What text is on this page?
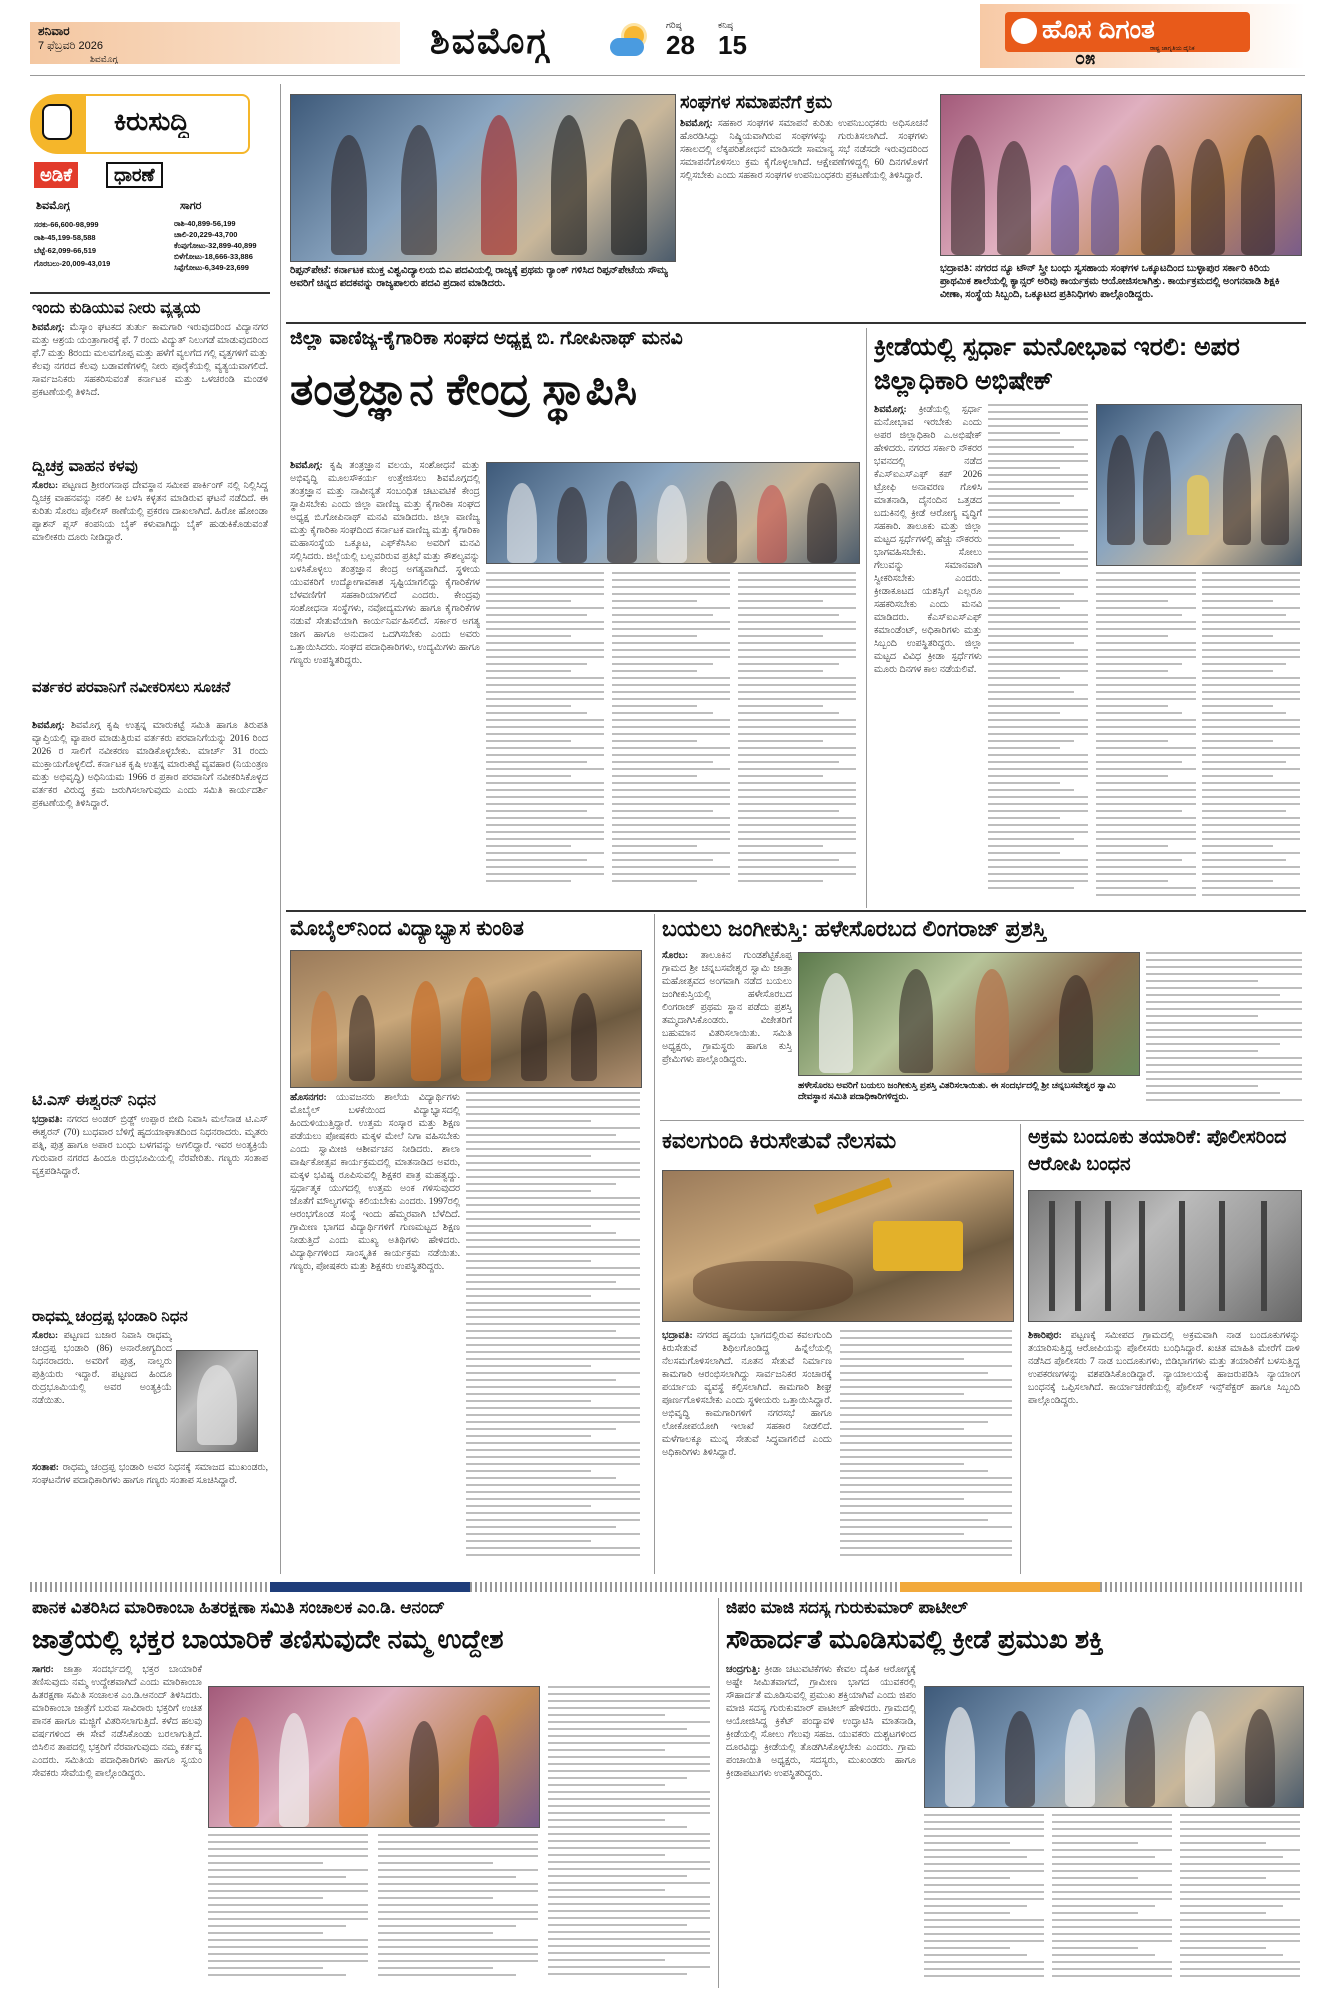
ಶನಿವಾರ
7 ಫೆಬ್ರವರಿ 2026
ಶಿವಮೊಗ್ಗ	ಶಿವಮೊಗ್ಗ	ಗರಿಷ್ಠ
28
ಕನಿಷ್ಠ
15
ಹೊಸ ದಿಗಂತ
ರಾಷ್ಟ್ರ ಜಾಗೃತಿಯ ದೈನಿಕ
೦೫
ಕಿರುಸುದ್ದಿ
ಅಡಿಕೆ	ಧಾರಣೆ
ಶಿವಮೊಗ್ಗ	ಸಾಗರ
ಸರಕು-66,600-98,999
ರಾಶಿ-45,199-58,588
ಬೆಟ್ಟೆ-62,099-66,519
ಗೊರಬಲು-20,009-43,019
ರಾಶಿ-40,899-56,199
ಚಾಲಿ-20,229-43,700
ಕೆಂಪುಗೋಟು-32,899-40,899
ಬಿಳೆಗೋಟು-18,666-33,886
ಸಿಪ್ಪೆಗೋಟು-6,349-23,699
ಇಂದು ಕುಡಿಯುವ ನೀರು ವ್ಯತ್ಯಯ
ಶಿವಮೊಗ್ಗ: ಮೆಸ್ಕಾಂ ಘಟಕದ ತುರ್ತು ಕಾಮಗಾರಿ ಇರುವುದರಿಂದ ವಿದ್ಯಾನಗರ ಮತ್ತು ಆಶ್ರಯ ಯಂತ್ರಾಗಾರಕ್ಕೆ ಫೆ. 7 ರಂದು ವಿದ್ಯುತ್ ನಿಲುಗಡೆ ಮಾಡುವುದರಿಂದ ಫೆ.7 ಮತ್ತು 8ರಂದು ಮಲವಗೊಪ್ಪ ಮತ್ತು ಹಳೆಗೆ ವ್ಯಲಗೆದ ಗಲ್ಲಿ ವೃತ್ತಗಳಿಗೆ ಮತ್ತು ಕೆಲವು ನಗರದ ಕೆಲವು ಬಡಾವಣೆಗಳಲ್ಲಿ ನೀರು ಪೂರೈಕೆಯಲ್ಲಿ ವ್ಯತ್ಯಯವಾಗಲಿದೆ. ಸಾರ್ವಜನಿಕರು ಸಹಕರಿಸುವಂತೆ ಕರ್ನಾಟಕ ಮತ್ತು ಒಳಚರಂಡಿ ಮಂಡಳಿ ಪ್ರಕಟಣೆಯಲ್ಲಿ ತಿಳಿಸಿದೆ.
ದ್ವಿಚಕ್ರ ವಾಹನ ಕಳವು
ಸೊರಬ: ಪಟ್ಟಣದ ಶ್ರೀರಂಗನಾಥ ದೇವಸ್ಥಾನ ಸಮೀಪ ಪಾರ್ಕಿಂಗ್ ನಲ್ಲಿ ನಿಲ್ಲಿಸಿದ್ದ ದ್ವಿಚಕ್ರ ವಾಹನವನ್ನು ನಕಲಿ ಕೀ ಬಳಸಿ ಕಳ್ಳತನ ಮಾಡಿರುವ ಘಟನೆ ನಡೆದಿದೆ. ಈ ಕುರಿತು ಸೊರಬ ಪೊಲೀಸ್ ಠಾಣೆಯಲ್ಲಿ ಪ್ರಕರಣ ದಾಖಲಾಗಿದೆ. ಹಿರೋ ಹೋಂಡಾ ಪ್ಯಾಶನ್ ಪ್ಲಸ್ ಕಂಪನಿಯ ಬೈಕ್ ಕಳುವಾಗಿದ್ದು ಬೈಕ್ ಹುಡುಕಿಕೊಡುವಂತೆ ಮಾಲೀಕರು ದೂರು ನೀಡಿದ್ದಾರೆ.
ವರ್ತಕರ ಪರವಾನಿಗೆ ನವೀಕರಿಸಲು ಸೂಚನೆ
ಶಿವಮೊಗ್ಗ: ಶಿವಮೊಗ್ಗ ಕೃಷಿ ಉತ್ಪನ್ನ ಮಾರುಕಟ್ಟೆ ಸಮಿತಿ ಹಾಗೂ ತಿರುಪತಿ ವ್ಯಾಪ್ತಿಯಲ್ಲಿ ವ್ಯಾಪಾರ ಮಾಡುತ್ತಿರುವ ವರ್ತಕರು ಪರವಾನಿಗೆಯನ್ನು 2016 ರಿಂದ 2026 ರ ಸಾಲಿಗೆ ನವೀಕರಣ ಮಾಡಿಕೊಳ್ಳಬೇಕು. ಮಾರ್ಚ್ 31 ರಂದು ಮುಕ್ತಾಯಗೊಳ್ಳಲಿದೆ. ಕರ್ನಾಟಕ ಕೃಷಿ ಉತ್ಪನ್ನ ಮಾರುಕಟ್ಟೆ ವ್ಯವಹಾರ (ನಿಯಂತ್ರಣ ಮತ್ತು ಅಭಿವೃದ್ಧಿ) ಅಧಿನಿಯಮ 1966 ರ ಪ್ರಕಾರ ಪರವಾನಿಗೆ ನವೀಕರಿಸಿಕೊಳ್ಳದ ವರ್ತಕರ ವಿರುದ್ಧ ಕ್ರಮ ಜರುಗಿಸಲಾಗುವುದು ಎಂದು ಸಮಿತಿ ಕಾರ್ಯದರ್ಶಿ ಪ್ರಕಟಣೆಯಲ್ಲಿ ತಿಳಿಸಿದ್ದಾರೆ.
ಟಿ.ಎಸ್ ಈಶ್ವರನ್ ನಿಧನ
ಭದ್ರಾವತಿ: ನಗರದ ಅಂಡರ್ ಬ್ರಿಡ್ಜ್ ಉಪ್ಪಾರ ಬೀದಿ ನಿವಾಸಿ ಮಲೆನಾಡ ಟಿ.ಎಸ್ ಈಶ್ವರನ್ (70) ಬುಧವಾರ ಬೆಳಿಗ್ಗೆ ಹೃದಯಾಘಾತದಿಂದ ನಿಧನರಾದರು. ಮೃತರು ಪತ್ನಿ, ಪುತ್ರ ಹಾಗೂ ಅಪಾರ ಬಂಧು ಬಳಗವನ್ನು ಅಗಲಿದ್ದಾರೆ. ಇವರ ಅಂತ್ಯಕ್ರಿಯೆ ಗುರುವಾರ ನಗರದ ಹಿಂದೂ ರುದ್ರಭೂಮಿಯಲ್ಲಿ ನೆರವೇರಿತು. ಗಣ್ಯರು ಸಂತಾಪ ವ್ಯಕ್ತಪಡಿಸಿದ್ದಾರೆ.
ರಾಧಮ್ಮ ಚಂದ್ರಪ್ಪ ಭಂಡಾರಿ ನಿಧನ
ಸೊರಬ: ಪಟ್ಟಣದ ಬಜಾರ ನಿವಾಸಿ ರಾಧಮ್ಮ ಚಂದ್ರಪ್ಪ ಭಂಡಾರಿ (86) ಅನಾರೋಗ್ಯದಿಂದ ನಿಧನರಾದರು. ಅವರಿಗೆ ಪುತ್ರ, ನಾಲ್ವರು ಪುತ್ರಿಯರು ಇದ್ದಾರೆ. ಪಟ್ಟಣದ ಹಿಂದೂ ರುದ್ರಭೂಮಿಯಲ್ಲಿ ಅವರ ಅಂತ್ಯಕ್ರಿಯೆ ನಡೆಯಿತು.
ಸಂತಾಪ: ರಾಧಮ್ಮ ಚಂದ್ರಪ್ಪ ಭಂಡಾರಿ ಅವರ ನಿಧನಕ್ಕೆ ಸಮಾಜದ ಮುಖಂಡರು, ಸಂಘಟನೆಗಳ ಪದಾಧಿಕಾರಿಗಳು ಹಾಗೂ ಗಣ್ಯರು ಸಂತಾಪ ಸೂಚಿಸಿದ್ದಾರೆ.
ರಿಪ್ಪನ್‌ಪೇಟೆ: ಕರ್ನಾಟಕ ಮುಕ್ತ ವಿಶ್ವವಿದ್ಯಾಲಯ ಬಿಎ ಪದವಿಯಲ್ಲಿ ರಾಜ್ಯಕ್ಕೆ ಪ್ರಥಮ ರ್‍ಯಾಂಕ್ ಗಳಿಸಿದ ರಿಪ್ಪನ್‌ಪೇಟೆಯ ಸೌಮ್ಯ ಅವರಿಗೆ ಚಿನ್ನದ ಪದಕವನ್ನು ರಾಜ್ಯಪಾಲರು ಪದವಿ ಪ್ರದಾನ ಮಾಡಿದರು.
ಸಂಘಗಳ ಸಮಾಪನೆಗೆ ಕ್ರಮ
ಶಿವಮೊಗ್ಗ: ಸಹಕಾರ ಸಂಘಗಳ ಸಮಾಪನೆ ಕುರಿತು ಉಪನಿಬಂಧಕರು ಅಧಿಸೂಚನೆ ಹೊರಡಿಸಿದ್ದು ನಿಷ್ಕ್ರಿಯವಾಗಿರುವ ಸಂಘಗಳನ್ನು ಗುರುತಿಸಲಾಗಿದೆ. ಸಂಘಗಳು ಸಕಾಲದಲ್ಲಿ ಲೆಕ್ಕಪರಿಶೋಧನೆ ಮಾಡಿಸದೇ ಸಾಮಾನ್ಯ ಸಭೆ ನಡೆಸದೇ ಇರುವುದರಿಂದ ಸಮಾಪನೆಗೊಳಿಸಲು ಕ್ರಮ ಕೈಗೊಳ್ಳಲಾಗಿದೆ. ಆಕ್ಷೇಪಣೆಗಳಿದ್ದಲ್ಲಿ 60 ದಿನಗಳೊಳಗೆ ಸಲ್ಲಿಸಬೇಕು ಎಂದು ಸಹಕಾರ ಸಂಘಗಳ ಉಪನಿಬಂಧಕರು ಪ್ರಕಟಣೆಯಲ್ಲಿ ತಿಳಿಸಿದ್ದಾರೆ.
ಭದ್ರಾವತಿ: ನಗರದ ನ್ಯೂ ಟೌನ್ ಸ್ತ್ರೀ ಬಂಧು ಸ್ವಸಹಾಯ ಸಂಘಗಳ ಒಕ್ಕೂಟದಿಂದ ಬುಳ್ಳಾಪುರ ಸರ್ಕಾರಿ ಕಿರಿಯ ಪ್ರಾಥಮಿಕ ಶಾಲೆಯಲ್ಲಿ ಕ್ಯಾನ್ಸರ್ ಅರಿವು ಕಾರ್ಯಕ್ರಮ ಆಯೋಜಿಸಲಾಗಿತ್ತು. ಕಾರ್ಯಕ್ರಮದಲ್ಲಿ ಅಂಗನವಾಡಿ ಶಿಕ್ಷಕಿ ವೀಣಾ, ಸಂಸ್ಥೆಯ ಸಿಬ್ಬಂದಿ, ಒಕ್ಕೂಟದ ಪ್ರತಿನಿಧಿಗಳು ಪಾಲ್ಗೊಂಡಿದ್ದರು.
ಜಿಲ್ಲಾ ವಾಣಿಜ್ಯ-ಕೈಗಾರಿಕಾ ಸಂಘದ ಅಧ್ಯಕ್ಷ ಬಿ. ಗೋಪಿನಾಥ್ ಮನವಿ
ತಂತ್ರಜ್ಞಾನ ಕೇಂದ್ರ ಸ್ಥಾಪಿಸಿ
ಶಿವಮೊಗ್ಗ: ಕೃಷಿ ತಂತ್ರಜ್ಞಾನ ವಲಯ, ಸಂಶೋಧನೆ ಮತ್ತು ಅಭಿವೃದ್ಧಿ ಮೂಲಸೌಕರ್ಯ ಉತ್ತೇಜಿಸಲು ಶಿವಮೊಗ್ಗದಲ್ಲಿ ತಂತ್ರಜ್ಞಾನ ಮತ್ತು ನಾವೀನ್ಯತೆ ಸಂಬಂಧಿತ ಚಟುವಟಿಕೆ ಕೇಂದ್ರ ಸ್ಥಾಪಿಸಬೇಕು ಎಂದು ಜಿಲ್ಲಾ ವಾಣಿಜ್ಯ ಮತ್ತು ಕೈಗಾರಿಕಾ ಸಂಘದ ಅಧ್ಯಕ್ಷ ಬಿ.ಗೋಪಿನಾಥ್ ಮನವಿ ಮಾಡಿದರು. ಜಿಲ್ಲಾ ವಾಣಿಜ್ಯ ಮತ್ತು ಕೈಗಾರಿಕಾ ಸಂಘದಿಂದ ಕರ್ನಾಟಕ ವಾಣಿಜ್ಯ ಮತ್ತು ಕೈಗಾರಿಕಾ ಮಹಾಸಂಸ್ಥೆಯ ಒಕ್ಕೂಟ, ಎಫ್‌ಕೆಸಿಸಿಐ ಅವರಿಗೆ ಮನವಿ ಸಲ್ಲಿಸಿದರು. ಜಿಲ್ಲೆಯಲ್ಲಿ ಬಲ್ಲವರಿರುವ ಪ್ರತಿಭೆ ಮತ್ತು ಕೌಶಲ್ಯವನ್ನು ಬಳಸಿಕೊಳ್ಳಲು ತಂತ್ರಜ್ಞಾನ ಕೇಂದ್ರ ಅಗತ್ಯವಾಗಿದೆ. ಸ್ಥಳೀಯ ಯುವಕರಿಗೆ ಉದ್ಯೋಗಾವಕಾಶ ಸೃಷ್ಟಿಯಾಗಲಿದ್ದು ಕೈಗಾರಿಕೆಗಳ ಬೆಳವಣಿಗೆಗೆ ಸಹಕಾರಿಯಾಗಲಿದೆ ಎಂದರು. ಕೇಂದ್ರವು ಸಂಶೋಧನಾ ಸಂಸ್ಥೆಗಳು, ನವೋದ್ಯಮಗಳು ಹಾಗೂ ಕೈಗಾರಿಕೆಗಳ ನಡುವೆ ಸೇತುವೆಯಾಗಿ ಕಾರ್ಯನಿರ್ವಹಿಸಲಿದೆ. ಸರ್ಕಾರ ಅಗತ್ಯ ಜಾಗ ಹಾಗೂ ಅನುದಾನ ಒದಗಿಸಬೇಕು ಎಂದು ಅವರು ಒತ್ತಾಯಿಸಿದರು. ಸಂಘದ ಪದಾಧಿಕಾರಿಗಳು, ಉದ್ಯಮಿಗಳು ಹಾಗೂ ಗಣ್ಯರು ಉಪಸ್ಥಿತರಿದ್ದರು.
ಕ್ರೀಡೆಯಲ್ಲಿ ಸ್ಪರ್ಧಾ ಮನೋಭಾವ ಇರಲಿ: ಅಪರ ಜಿಲ್ಲಾಧಿಕಾರಿ ಅಭಿಷೇಕ್
ಶಿವಮೊಗ್ಗ: ಕ್ರೀಡೆಯಲ್ಲಿ ಸ್ಪರ್ಧಾ ಮನೋಭಾವ ಇರಬೇಕು ಎಂದು ಅಪರ ಜಿಲ್ಲಾಧಿಕಾರಿ ಎ.ಅಭಿಷೇಕ್ ಹೇಳಿದರು. ನಗರದ ಸರ್ಕಾರಿ ನೌಕರರ ಭವನದಲ್ಲಿ ನಡೆದ ಕೆಎಸ್‌ಐಎಸ್‌ಎಫ್ ಕಪ್ 2026 ಟ್ರೋಫಿ ಅನಾವರಣ ಗೊಳಿಸಿ ಮಾತನಾಡಿ, ದೈನಂದಿನ ಒತ್ತಡದ ಬದುಕಿನಲ್ಲಿ ಕ್ರೀಡೆ ಆರೋಗ್ಯ ವೃದ್ಧಿಗೆ ಸಹಕಾರಿ. ತಾಲೂಕು ಮತ್ತು ಜಿಲ್ಲಾ ಮಟ್ಟದ ಸ್ಪರ್ಧೆಗಳಲ್ಲಿ ಹೆಚ್ಚು ನೌಕರರು ಭಾಗವಹಿಸಬೇಕು. ಸೋಲು ಗೆಲುವನ್ನು ಸಮಾನವಾಗಿ ಸ್ವೀಕರಿಸಬೇಕು ಎಂದರು. ಕ್ರೀಡಾಕೂಟದ ಯಶಸ್ಸಿಗೆ ಎಲ್ಲರೂ ಸಹಕರಿಸಬೇಕು ಎಂದು ಮನವಿ ಮಾಡಿದರು. ಕೆಎಸ್‌ಐಎಸ್‌ಎಫ್ ಕಮಾಂಡೆಂಟ್, ಅಧಿಕಾರಿಗಳು ಮತ್ತು ಸಿಬ್ಬಂದಿ ಉಪಸ್ಥಿತರಿದ್ದರು. ಜಿಲ್ಲಾ ಮಟ್ಟದ ವಿವಿಧ ಕ್ರೀಡಾ ಸ್ಪರ್ಧೆಗಳು ಮೂರು ದಿನಗಳ ಕಾಲ ನಡೆಯಲಿವೆ.
ಮೊಬೈಲ್‌ನಿಂದ ವಿದ್ಯಾಭ್ಯಾಸ ಕುಂಠಿತ
ಹೊಸನಗರ: ಯುವಜನರು ಶಾಲೆಯ ವಿದ್ಯಾರ್ಥಿಗಳು ಮೊಬೈಲ್ ಬಳಕೆಯಿಂದ ವಿದ್ಯಾಭ್ಯಾಸದಲ್ಲಿ ಹಿಂದುಳಿಯುತ್ತಿದ್ದಾರೆ. ಉತ್ತಮ ಸಂಸ್ಕಾರ ಮತ್ತು ಶಿಕ್ಷಣ ಪಡೆಯಲು ಪೋಷಕರು ಮಕ್ಕಳ ಮೇಲೆ ನಿಗಾ ವಹಿಸಬೇಕು ಎಂದು ಸ್ವಾಮೀಜಿ ಆಶೀರ್ವಚನ ನೀಡಿದರು. ಶಾಲಾ ವಾರ್ಷಿಕೋತ್ಸವ ಕಾರ್ಯಕ್ರಮದಲ್ಲಿ ಮಾತನಾಡಿದ ಅವರು, ಮಕ್ಕಳ ಭವಿಷ್ಯ ರೂಪಿಸುವಲ್ಲಿ ಶಿಕ್ಷಕರ ಪಾತ್ರ ಮಹತ್ವದ್ದು. ಸ್ಪರ್ಧಾತ್ಮಕ ಯುಗದಲ್ಲಿ ಉತ್ತಮ ಅಂಕ ಗಳಿಸುವುದರ ಜೊತೆಗೆ ಮೌಲ್ಯಗಳನ್ನು ಕಲಿಯಬೇಕು ಎಂದರು. 1997ರಲ್ಲಿ ಆರಂಭಗೊಂಡ ಸಂಸ್ಥೆ ಇಂದು ಹೆಮ್ಮರವಾಗಿ ಬೆಳೆದಿದೆ. ಗ್ರಾಮೀಣ ಭಾಗದ ವಿದ್ಯಾರ್ಥಿಗಳಿಗೆ ಗುಣಮಟ್ಟದ ಶಿಕ್ಷಣ ನೀಡುತ್ತಿದೆ ಎಂದು ಮುಖ್ಯ ಅತಿಥಿಗಳು ಹೇಳಿದರು. ವಿದ್ಯಾರ್ಥಿಗಳಿಂದ ಸಾಂಸ್ಕೃತಿಕ ಕಾರ್ಯಕ್ರಮ ನಡೆಯಿತು. ಗಣ್ಯರು, ಪೋಷಕರು ಮತ್ತು ಶಿಕ್ಷಕರು ಉಪಸ್ಥಿತರಿದ್ದರು.
ಬಯಲು ಜಂಗೀಕುಸ್ತಿ: ಹಳೇಸೊರಬದ ಲಿಂಗರಾಜ್ ಪ್ರಶಸ್ತಿ
ಸೊರಬ: ತಾಲೂಕಿನ ಗುಂಡಶೆಟ್ಟಿಕೊಪ್ಪ ಗ್ರಾಮದ ಶ್ರೀ ಚನ್ನಬಸವೇಶ್ವರ ಸ್ವಾಮಿ ಜಾತ್ರಾ ಮಹೋತ್ಸವದ ಅಂಗವಾಗಿ ನಡೆದ ಬಯಲು ಜಂಗೀಕುಸ್ತಿಯಲ್ಲಿ ಹಳೇಸೊರಬದ ಲಿಂಗರಾಜ್ ಪ್ರಥಮ ಸ್ಥಾನ ಪಡೆದು ಪ್ರಶಸ್ತಿ ತಮ್ಮದಾಗಿಸಿಕೊಂಡರು. ವಿಜೇತರಿಗೆ ಬಹುಮಾನ ವಿತರಿಸಲಾಯಿತು. ಸಮಿತಿ ಅಧ್ಯಕ್ಷರು, ಗ್ರಾಮಸ್ಥರು ಹಾಗೂ ಕುಸ್ತಿ ಪ್ರೇಮಿಗಳು ಪಾಲ್ಗೊಂಡಿದ್ದರು.
ಹಳೇಸೊರಬ ಅವರಿಗೆ ಬಯಲು ಜಂಗೀಕುಸ್ತಿ ಪ್ರಶಸ್ತಿ ವಿತರಿಸಲಾಯಿತು. ಈ ಸಂದರ್ಭದಲ್ಲಿ ಶ್ರೀ ಚನ್ನಬಸವೇಶ್ವರ ಸ್ವಾಮಿ ದೇವಸ್ಥಾನ ಸಮಿತಿ ಪದಾಧಿಕಾರಿಗಳಿದ್ದರು.
ಕವಲಗುಂದಿ ಕಿರುಸೇತುವೆ ನೆಲಸಮ
ಭದ್ರಾವತಿ: ನಗರದ ಹೃದಯ ಭಾಗದಲ್ಲಿರುವ ಕವಲಗುಂದಿ ಕಿರುಸೇತುವೆ ಶಿಥಿಲಗೊಂಡಿದ್ದ ಹಿನ್ನೆಲೆಯಲ್ಲಿ ನೆಲಸಮಗೊಳಿಸಲಾಗಿದೆ. ನೂತನ ಸೇತುವೆ ನಿರ್ಮಾಣ ಕಾಮಗಾರಿ ಆರಂಭಿಸಲಾಗಿದ್ದು ಸಾರ್ವಜನಿಕರ ಸಂಚಾರಕ್ಕೆ ಪರ್ಯಾಯ ವ್ಯವಸ್ಥೆ ಕಲ್ಪಿಸಲಾಗಿದೆ. ಕಾಮಗಾರಿ ಶೀಘ್ರ ಪೂರ್ಣಗೊಳಿಸಬೇಕು ಎಂದು ಸ್ಥಳೀಯರು ಒತ್ತಾಯಿಸಿದ್ದಾರೆ. ಅಭಿವೃದ್ಧಿ ಕಾಮಗಾರಿಗಳಿಗೆ ನಗರಸಭೆ ಹಾಗೂ ಲೋಕೋಪಯೋಗಿ ಇಲಾಖೆ ಸಹಕಾರ ನೀಡಲಿದೆ. ಮಳೆಗಾಲಕ್ಕೂ ಮುನ್ನ ಸೇತುವೆ ಸಿದ್ಧವಾಗಲಿದೆ ಎಂದು ಅಧಿಕಾರಿಗಳು ತಿಳಿಸಿದ್ದಾರೆ.
ಅಕ್ರಮ ಬಂದೂಕು ತಯಾರಿಕೆ: ಪೊಲೀಸರಿಂದ ಆರೋಪಿ ಬಂಧನ
ಶಿಕಾರಿಪುರ: ಪಟ್ಟಣಕ್ಕೆ ಸಮೀಪದ ಗ್ರಾಮದಲ್ಲಿ ಅಕ್ರಮವಾಗಿ ನಾಡ ಬಂದೂಕುಗಳನ್ನು ತಯಾರಿಸುತ್ತಿದ್ದ ಆರೋಪಿಯನ್ನು ಪೊಲೀಸರು ಬಂಧಿಸಿದ್ದಾರೆ. ಖಚಿತ ಮಾಹಿತಿ ಮೇರೆಗೆ ದಾಳಿ ನಡೆಸಿದ ಪೊಲೀಸರು 7 ನಾಡ ಬಂದೂಕುಗಳು, ಬಿಡಿಭಾಗಗಳು ಮತ್ತು ತಯಾರಿಕೆಗೆ ಬಳಸುತ್ತಿದ್ದ ಉಪಕರಣಗಳನ್ನು ವಶಪಡಿಸಿಕೊಂಡಿದ್ದಾರೆ. ನ್ಯಾಯಾಲಯಕ್ಕೆ ಹಾಜರುಪಡಿಸಿ ನ್ಯಾಯಾಂಗ ಬಂಧನಕ್ಕೆ ಒಪ್ಪಿಸಲಾಗಿದೆ. ಕಾರ್ಯಾಚರಣೆಯಲ್ಲಿ ಪೊಲೀಸ್ ಇನ್ಸ್‌ಪೆಕ್ಟರ್ ಹಾಗೂ ಸಿಬ್ಬಂದಿ ಪಾಲ್ಗೊಂಡಿದ್ದರು.
ಪಾನಕ ವಿತರಿಸಿದ ಮಾರಿಕಾಂಬಾ ಹಿತರಕ್ಷಣಾ ಸಮಿತಿ ಸಂಚಾಲಕ ಎಂ.ಡಿ. ಆನಂದ್
ಜಾತ್ರೆಯಲ್ಲಿ ಭಕ್ತರ ಬಾಯಾರಿಕೆ ತಣಿಸುವುದೇ ನಮ್ಮ ಉದ್ದೇಶ
ಸಾಗರ: ಜಾತ್ರಾ ಸಂದರ್ಭದಲ್ಲಿ ಭಕ್ತರ ಬಾಯಾರಿಕೆ ತಣಿಸುವುದು ನಮ್ಮ ಉದ್ದೇಶವಾಗಿದೆ ಎಂದು ಮಾರಿಕಾಂಬಾ ಹಿತರಕ್ಷಣಾ ಸಮಿತಿ ಸಂಚಾಲಕ ಎಂ.ಡಿ.ಆನಂದ್ ತಿಳಿಸಿದರು. ಮಾರಿಕಾಂಬಾ ಜಾತ್ರೆಗೆ ಬರುವ ಸಾವಿರಾರು ಭಕ್ತರಿಗೆ ಉಚಿತ ಪಾನಕ ಹಾಗೂ ಮಜ್ಜಿಗೆ ವಿತರಿಸಲಾಗುತ್ತಿದೆ. ಕಳೆದ ಹಲವು ವರ್ಷಗಳಿಂದ ಈ ಸೇವೆ ನಡೆಸಿಕೊಂಡು ಬರಲಾಗುತ್ತಿದೆ. ಬಿಸಿಲಿನ ತಾಪದಲ್ಲಿ ಭಕ್ತರಿಗೆ ನೆರವಾಗುವುದು ನಮ್ಮ ಕರ್ತವ್ಯ ಎಂದರು. ಸಮಿತಿಯ ಪದಾಧಿಕಾರಿಗಳು ಹಾಗೂ ಸ್ವಯಂ ಸೇವಕರು ಸೇವೆಯಲ್ಲಿ ಪಾಲ್ಗೊಂಡಿದ್ದರು.
ಜಿಪಂ ಮಾಜಿ ಸದಸ್ಯ ಗುರುಕುಮಾರ್ ಪಾಟೀಲ್
ಸೌಹಾರ್ದತೆ ಮೂಡಿಸುವಲ್ಲಿ ಕ್ರೀಡೆ ಪ್ರಮುಖ ಶಕ್ತಿ
ಚಂದ್ರಗುತ್ತಿ: ಕ್ರೀಡಾ ಚಟುವಟಿಕೆಗಳು ಕೇವಲ ದೈಹಿಕ ಆರೋಗ್ಯಕ್ಕೆ ಅಷ್ಟೇ ಸೀಮಿತವಾಗದೆ, ಗ್ರಾಮೀಣ ಭಾಗದ ಯುವಕರಲ್ಲಿ ಸೌಹಾರ್ದತೆ ಮೂಡಿಸುವಲ್ಲಿ ಪ್ರಮುಖ ಶಕ್ತಿಯಾಗಿವೆ ಎಂದು ಜಿಪಂ ಮಾಜಿ ಸದಸ್ಯ ಗುರುಕುಮಾರ್ ಪಾಟೀಲ್ ಹೇಳಿದರು. ಗ್ರಾಮದಲ್ಲಿ ಆಯೋಜಿಸಿದ್ದ ಕ್ರಿಕೆಟ್ ಪಂದ್ಯಾವಳಿ ಉದ್ಘಾಟಿಸಿ ಮಾತನಾಡಿ, ಕ್ರೀಡೆಯಲ್ಲಿ ಸೋಲು ಗೆಲುವು ಸಹಜ. ಯುವಕರು ದುಶ್ಚಟಗಳಿಂದ ದೂರವಿದ್ದು ಕ್ರೀಡೆಯಲ್ಲಿ ತೊಡಗಿಸಿಕೊಳ್ಳಬೇಕು ಎಂದರು. ಗ್ರಾಮ ಪಂಚಾಯಿತಿ ಅಧ್ಯಕ್ಷರು, ಸದಸ್ಯರು, ಮುಖಂಡರು ಹಾಗೂ ಕ್ರೀಡಾಪಟುಗಳು ಉಪಸ್ಥಿತರಿದ್ದರು.
